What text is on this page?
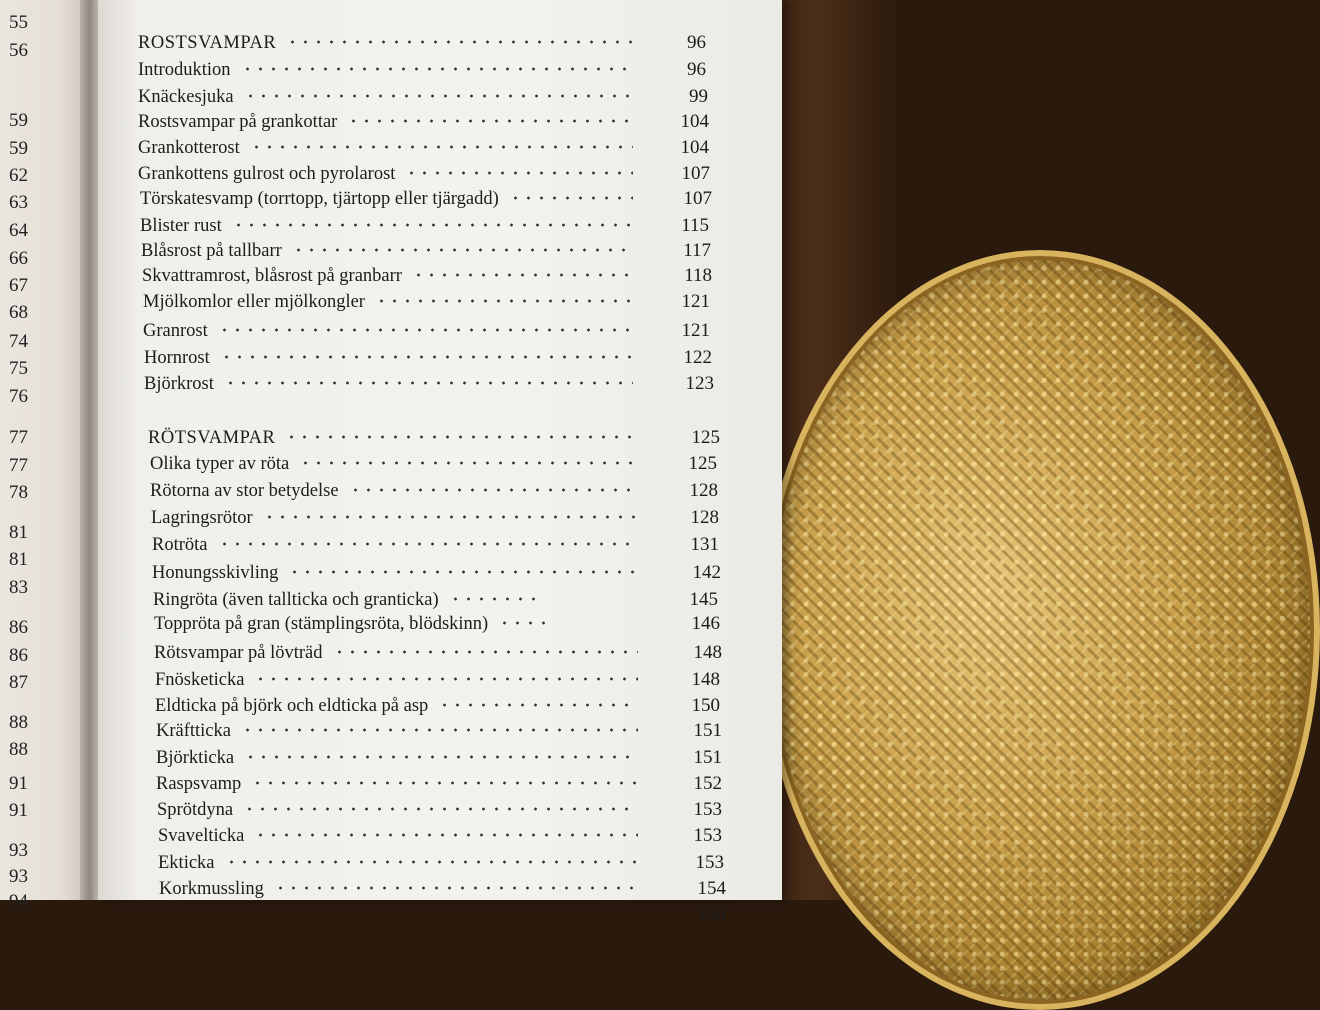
55
56
59
59
62
63
64
66
67
68
74
75
76
77
77
78
81
81
83
86
86
87
88
88
91
91
93
93
94
ROSTSVAMPAR	96
Introduktion	96
Knäckesjuka	99
Rostsvampar på grankottar	104
Grankotterost	104
Grankottens gulrost och pyrolarost	107
Törskatesvamp (torrtopp, tjärtopp eller tjärgadd)	107
Blister rust	115
Blåsrost på tallbarr	117
Skvattramrost, blåsrost på granbarr	118
Mjölkomlor eller mjölkongler	121
Granrost	121
Hornrost	122
Björkrost	123
RÖTSVAMPAR	125
Olika typer av röta	125
Rötorna av stor betydelse	128
Lagringsrötor	128
Rotröta	131
Honungsskivling	142
Ringröta (även tallticka och granticka)	145
Toppröta på gran (stämplingsröta, blödskinn)	146
Rötsvampar på lövträd	148
Fnösketicka	148
Eldticka på björk och eldticka på asp	150
Kräftticka	151
Björkticka	151
Raspsvamp	152
Sprötdyna	153
Svavelticka	153
Ekticka	153
Korkmussling	154
154
